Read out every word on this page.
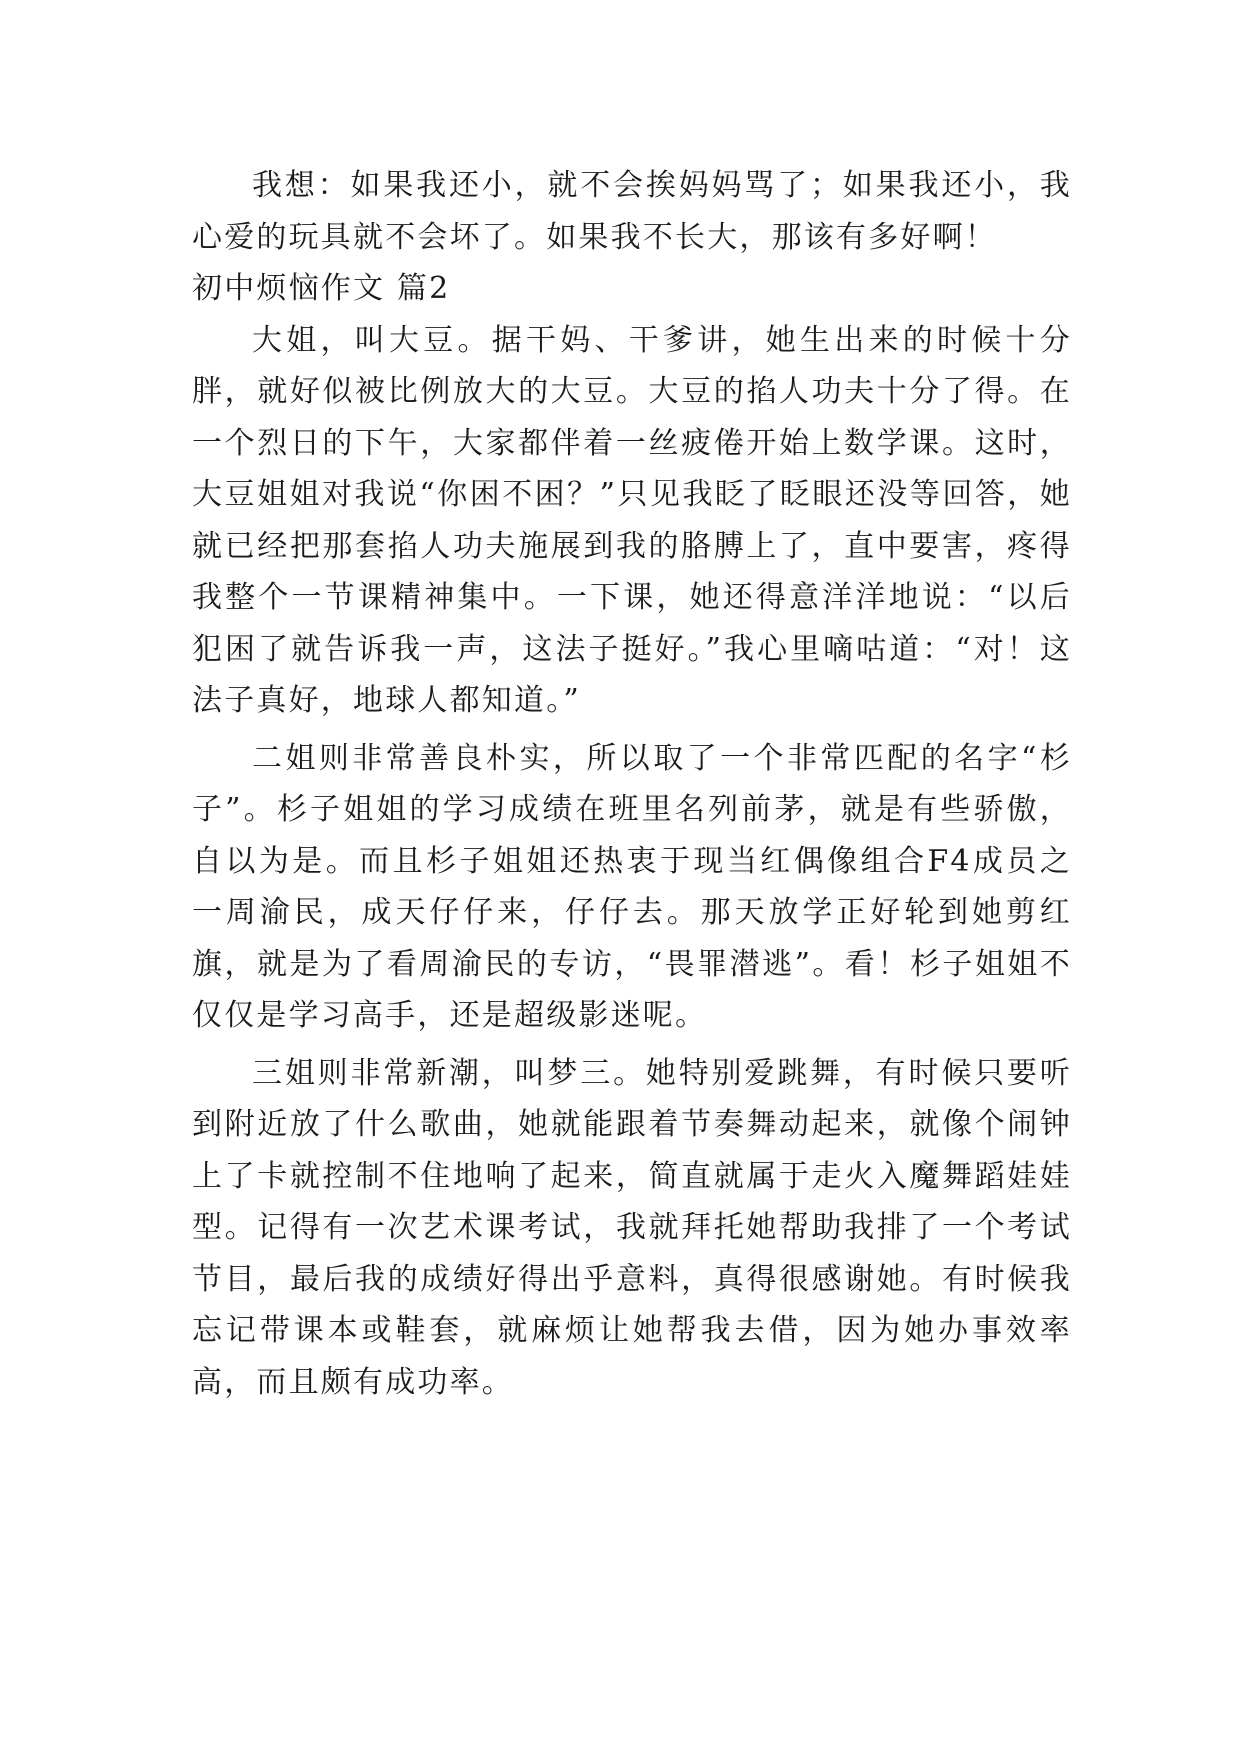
我想：如果我还小，就不会挨妈妈骂了；如果我还小，我心爱的玩具就不会坏了。如果我不长大，那该有多好啊！

初中烦恼作文 篇2

大姐，叫大豆。据干妈、干爹讲，她生出来的时候十分胖，就好似被比例放大的大豆。大豆的掐人功夫十分了得。在一个烈日的下午，大家都伴着一丝疲倦开始上数学课。这时，大豆姐姐对我说“你困不困？”只见我眨了眨眼还没等回答，她就已经把那套掐人功夫施展到我的胳膊上了，直中要害，疼得我整个一节课精神集中。一下课，她还得意洋洋地说：“以后犯困了就告诉我一声，这法子挺好。”我心里嘀咕道：“对！这法子真好，地球人都知道。”

二姐则非常善良朴实，所以取了一个非常匹配的名字“杉子”。杉子姐姐的学习成绩在班里名列前茅，就是有些骄傲，自以为是。而且杉子姐姐还热衷于现当红偶像组合F4成员之一周渝民，成天仔仔来，仔仔去。那天放学正好轮到她剪红旗，就是为了看周渝民的专访，“畏罪潜逃”。看！杉子姐姐不仅仅是学习高手，还是超级影迷呢。

三姐则非常新潮，叫梦三。她特别爱跳舞，有时候只要听到附近放了什么歌曲，她就能跟着节奏舞动起来，就像个闹钟上了卡就控制不住地响了起来，简直就属于走火入魔舞蹈娃娃型。记得有一次艺术课考试，我就拜托她帮助我排了一个考试节目，最后我的成绩好得出乎意料，真得很感谢她。有时候我忘记带课本或鞋套，就麻烦让她帮我去借，因为她办事效率高，而且颇有成功率。
